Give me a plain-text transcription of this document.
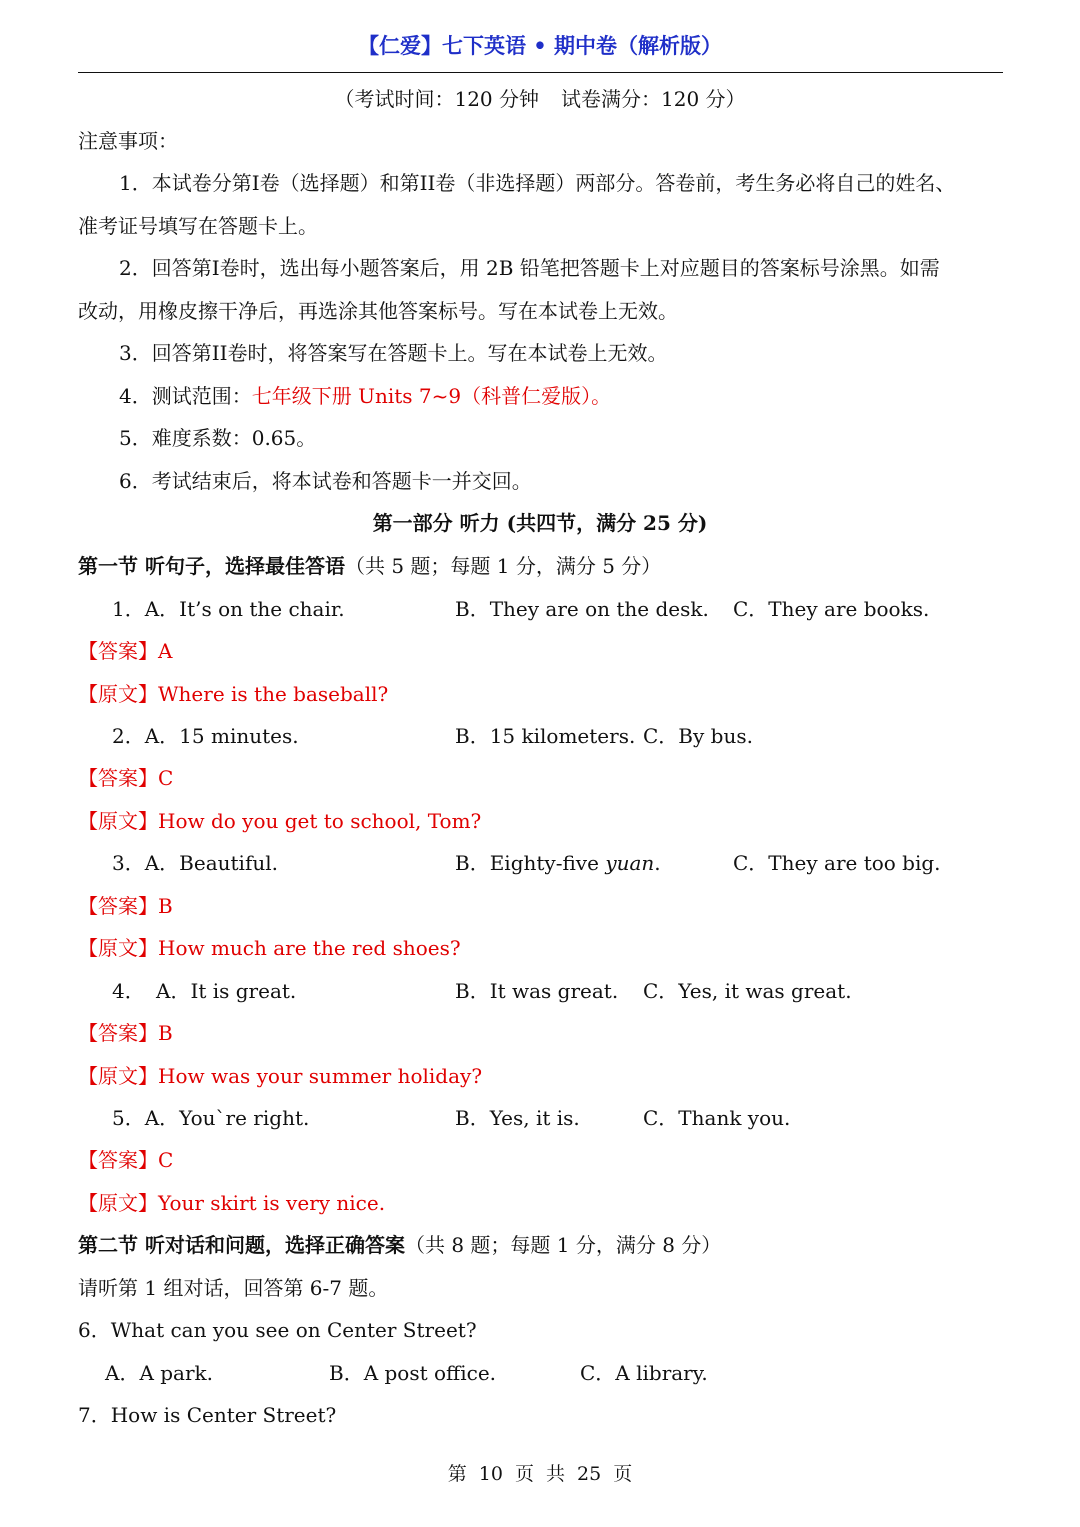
【仁爱】七下英语 • 期中卷（解析版）
（考试时间：120 分钟 试卷满分：120 分）
注意事项：
1．本试卷分第I卷（选择题）和第II卷（非选择题）两部分。答卷前，考生务必将自己的姓名、
准考证号填写在答题卡上。
2．回答第I卷时，选出每小题答案后，用 2B 铅笔把答题卡上对应题目的答案标号涂黑。如需
改动，用橡皮擦干净后，再选涂其他答案标号。写在本试卷上无效。
3．回答第II卷时，将答案写在答题卡上。写在本试卷上无效。
4．测试范围：七年级下册 Units 7~9（科普仁爱版）。
5．难度系数：0.65。
6．考试结束后，将本试卷和答题卡一并交回。
第一部分 听力 (共四节，满分 25 分)
第一节 听句子，选择最佳答语（共 5 题；每题 1 分，满分 5 分）
1．A．It’s on the chair.	B．They are on the desk. C．They are books.
【答案】A
【原文】Where is the baseball?
2．A．15 minutes.	B．15 kilometers. C．By bus.
【答案】C
【原文】How do you get to school, Tom?
3．A．Beautiful.	B．Eighty-five yuan.	C．They are too big.
【答案】B
【原文】How much are the red shoes?
4． A．It is great.	B．It was great. C．Yes, it was great.
【答案】B
【原文】How was your summer holiday?
5．A．You`re right.	B．Yes, it is.	C．Thank you.
【答案】C
【原文】Your skirt is very nice.
第二节 听对话和问题，选择正确答案（共 8 题；每题 1 分，满分 8 分）
请听第 1 组对话，回答第 6-7 题。
6．What can you see on Center Street?
A．A park.	B．A post office.	C．A library.
7．How is Center Street?
第 10 页 共 25 页
